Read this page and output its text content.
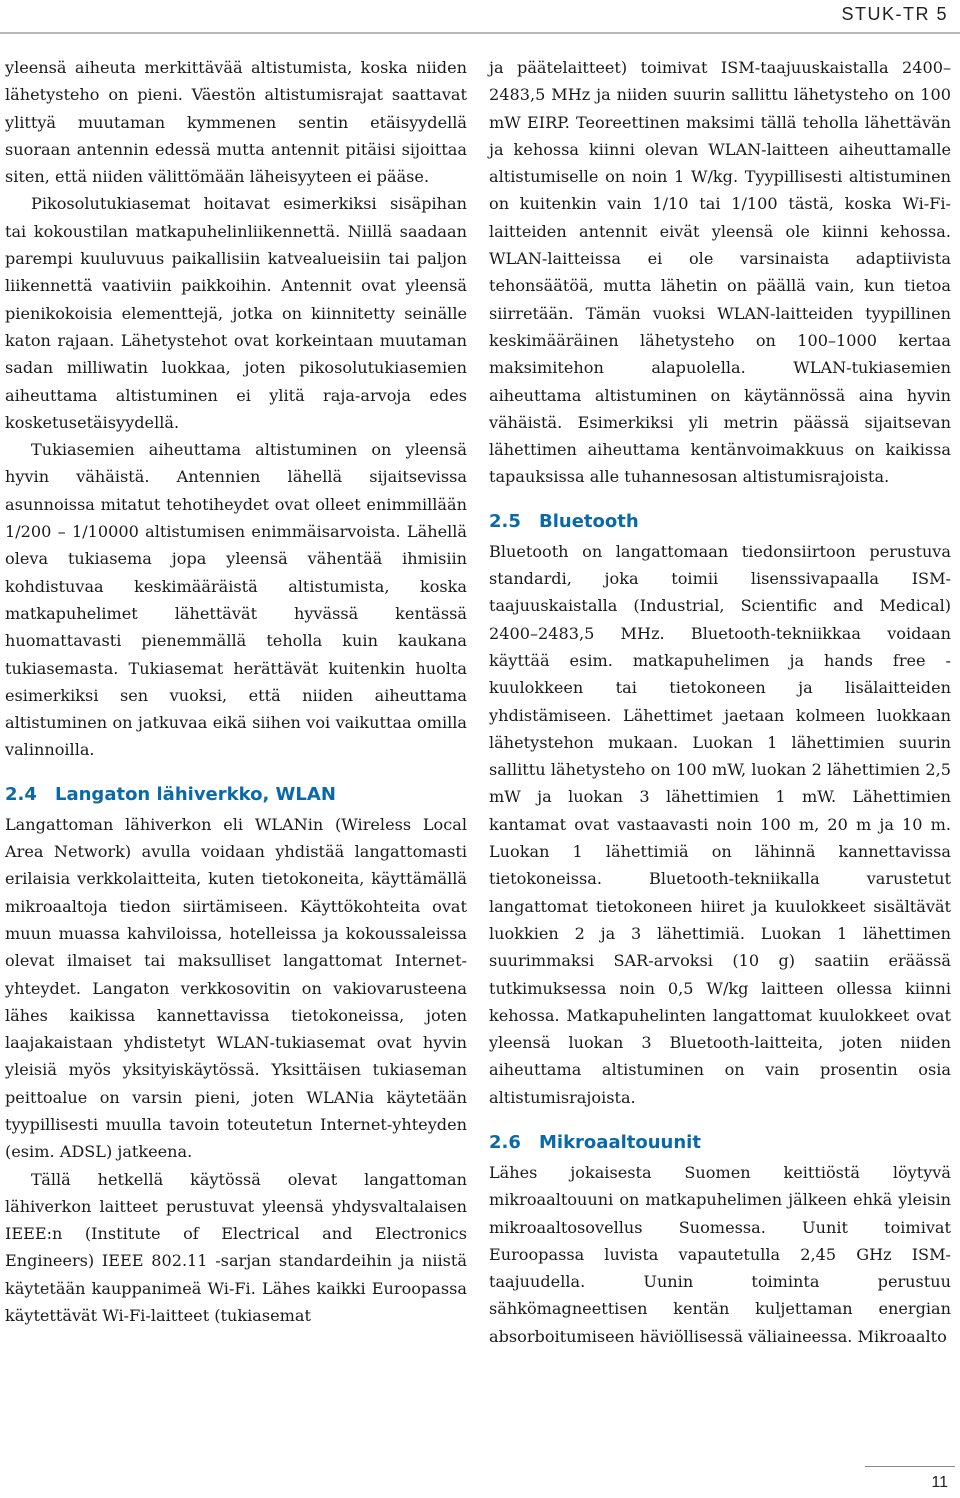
STUK-TR 5

yleensä aiheuta merkittävää altistumista, koska niiden lähetysteho on pieni. Väestön altistumisrajat saattavat ylittyä muutaman kymmenen sentin etäisyydellä suoraan antennin edessä mutta antennit pitäisi sijoittaa siten, että niiden välittömään läheisyyteen ei pääse.

Pikosolutukiasemat hoitavat esimerkiksi sisäpihan tai kokoustilan matkapuhelinliikennettä. Niillä saadaan parempi kuuluvuus paikallisiin katvealueisiin tai paljon liikennettä vaativiin paikkoihin. Antennit ovat yleensä pienikokoisia elementtejä, jotka on kiinnitetty seinälle katon rajaan. Lähetystehot ovat korkeintaan muutaman sadan milliwatin luokkaa, joten pikosolutukiasemien aiheuttama altistuminen ei ylitä raja-arvoja edes kosketusetäisyydellä.

Tukiasemien aiheuttama altistuminen on yleensä hyvin vähäistä. Antennien lähellä sijaitsevissa asunnoissa mitatut tehotiheydet ovat olleet enimmillään 1/200 – 1/10000 altistumisen enimmäisarvoista. Lähellä oleva tukiasema jopa yleensä vähentää ihmisiin kohdistuvaa keskimääräistä altistumista, koska matkapuhelimet lähettävät hyvässä kentässä huomattavasti pienemmällä teholla kuin kaukana tukiasemasta. Tukiasemat herättävät kuitenkin huolta esimerkiksi sen vuoksi, että niiden aiheuttama altistuminen on jatkuvaa eikä siihen voi vaikuttaa omilla valinnoilla.

2.4 Langaton lähiverkko, WLAN

Langattoman lähiverkon eli WLANin (Wireless Local Area Network) avulla voidaan yhdistää langattomasti erilaisia verkkolaitteita, kuten tietokoneita, käyttämällä mikroaaltoja tiedon siirtämiseen. Käyttökohteita ovat muun muassa kahviloissa, hotelleissa ja kokoussaleissa olevat ilmaiset tai maksulliset langattomat Internet-yhteydet. Langaton verkkosovitin on vakiovarusteena lähes kaikissa kannettavissa tietokoneissa, joten laajakaistaan yhdistetyt WLAN-tukiasemat ovat hyvin yleisiä myös yksityiskäytössä. Yksittäisen tukiaseman peittoalue on varsin pieni, joten WLANia käytetään tyypillisesti muulla tavoin toteutetun Internet-yhteyden (esim. ADSL) jatkeena.

Tällä hetkellä käytössä olevat langattoman lähiverkon laitteet perustuvat yleensä yhdysvaltalaisen IEEE:n (Institute of Electrical and Electronics Engineers) IEEE 802.11 -sarjan standardeihin ja niistä käytetään kauppanimeä Wi-Fi. Lähes kaikki Euroopassa käytettävät Wi-Fi-laitteet (tukiasemat

ja päätelaitteet) toimivat ISM-taajuuskaistalla 2400–2483,5 MHz ja niiden suurin sallittu lähetysteho on 100 mW EIRP. Teoreettinen maksimi tällä teholla lähettävän ja kehossa kiinni olevan WLAN-laitteen aiheuttamalle altistumiselle on noin 1 W/kg. Tyypillisesti altistuminen on kuitenkin vain 1/10 tai 1/100 tästä, koska Wi-Fi-laitteiden antennit eivät yleensä ole kiinni kehossa. WLAN-laitteissa ei ole varsinaista adaptiivista tehonsäätöä, mutta lähetin on päällä vain, kun tietoa siirretään. Tämän vuoksi WLAN-laitteiden tyypillinen keskimääräinen lähetysteho on 100–1000 kertaa maksimitehon alapuolella. WLAN-tukiasemien aiheuttama altistuminen on käytännössä aina hyvin vähäistä. Esimerkiksi yli metrin päässä sijaitsevan lähettimen aiheuttama kentänvoimakkuus on kaikissa tapauksissa alle tuhannesosan altistumisrajoista.

2.5 Bluetooth

Bluetooth on langattomaan tiedonsiirtoon perustuva standardi, joka toimii lisenssivapaalla ISM-taajuuskaistalla (Industrial, Scientific and Medical) 2400–2483,5 MHz. Bluetooth-tekniikkaa voidaan käyttää esim. matkapuhelimen ja hands free -kuulokkeen tai tietokoneen ja lisälaitteiden yhdistämiseen. Lähettimet jaetaan kolmeen luokkaan lähetystehon mukaan. Luokan 1 lähettimien suurin sallittu lähetysteho on 100 mW, luokan 2 lähettimien 2,5 mW ja luokan 3 lähettimien 1 mW. Lähettimien kantamat ovat vastaavasti noin 100 m, 20 m ja 10 m. Luokan 1 lähettimiä on lähinnä kannettavissa tietokoneissa. Bluetooth-tekniikalla varustetut langattomat tietokoneen hiiret ja kuulokkeet sisältävät luokkien 2 ja 3 lähettimiä. Luokan 1 lähettimen suurimmaksi SAR-arvoksi (10 g) saatiin eräässä tutkimuksessa noin 0,5 W/kg laitteen ollessa kiinni kehossa. Matkapuhelinten langattomat kuulokkeet ovat yleensä luokan 3 Bluetooth-laitteita, joten niiden aiheuttama altistuminen on vain prosentin osia altistumisrajoista.

2.6 Mikroaaltouunit

Lähes jokaisesta Suomen keittiöstä löytyvä mikroaaltouuni on matkapuhelimen jälkeen ehkä yleisin mikroaaltosovellus Suomessa. Uunit toimivat Euroopassa luvista vapautetulla 2,45 GHz ISM-taajuudella. Uunin toiminta perustuu sähkömagneettisen kentän kuljettaman energian absorboitumiseen häviöllisessä väliaineessa. Mikroaalto

11
